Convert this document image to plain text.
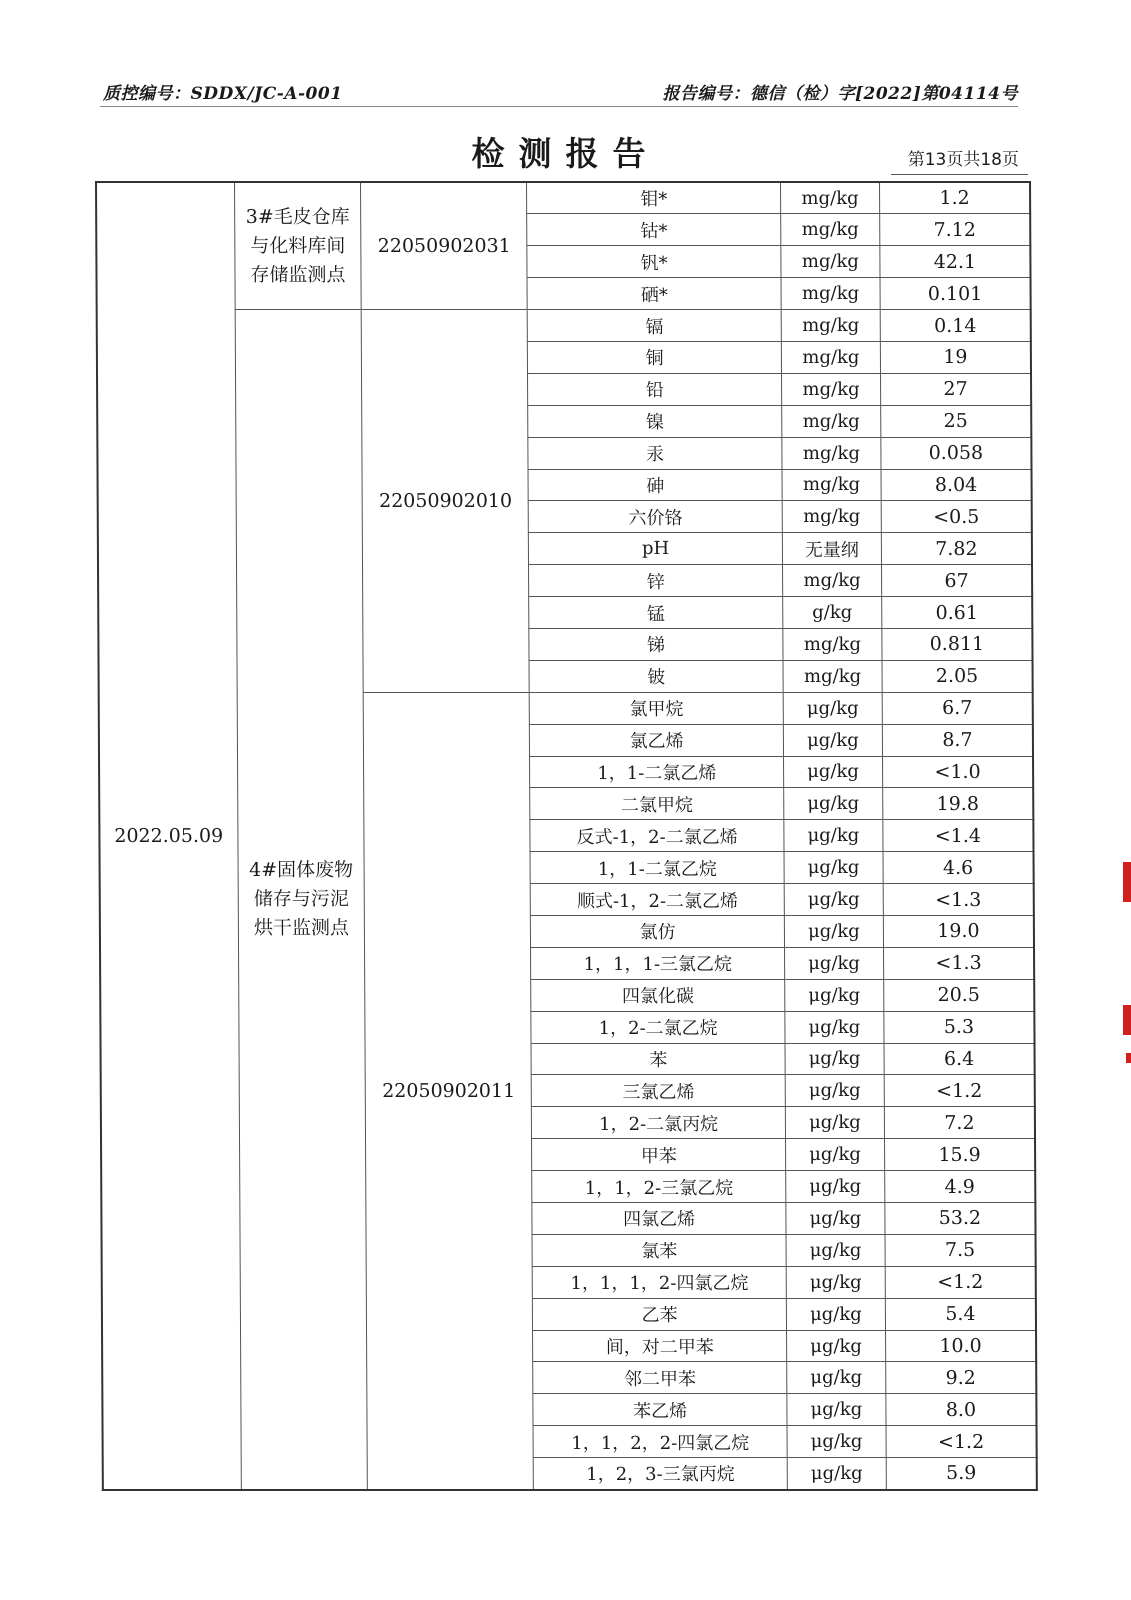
质控编号：SDDX/JC-A-001	报告编号：德信（检）字[2022]第04114号
检测报告	第13页共18页
2022.05.09	3#毛皮仓库与化料库间存储监测点	22050902031	钼*	mg/kg	1.2
			钴*	mg/kg	7.12
			钒*	mg/kg	42.1
			硒*	mg/kg	0.101
	4#固体废物储存与污泥烘干监测点	22050902010	镉	mg/kg	0.14
			铜	mg/kg	19
			铅	mg/kg	27
			镍	mg/kg	25
			汞	mg/kg	0.058
			砷	mg/kg	8.04
			六价铬	mg/kg	<0.5
			pH	无量纲	7.82
			锌	mg/kg	67
			锰	g/kg	0.61
			锑	mg/kg	0.811
			铍	mg/kg	2.05
		22050902011	氯甲烷	μg/kg	6.7
			氯乙烯	μg/kg	8.7
			1，1-二氯乙烯	μg/kg	<1.0
			二氯甲烷	μg/kg	19.8
			反式-1，2-二氯乙烯	μg/kg	<1.4
			1，1-二氯乙烷	μg/kg	4.6
			顺式-1，2-二氯乙烯	μg/kg	<1.3
			氯仿	μg/kg	19.0
			1，1，1-三氯乙烷	μg/kg	<1.3
			四氯化碳	μg/kg	20.5
			1，2-二氯乙烷	μg/kg	5.3
			苯	μg/kg	6.4
			三氯乙烯	μg/kg	<1.2
			1，2-二氯丙烷	μg/kg	7.2
			甲苯	μg/kg	15.9
			1，1，2-三氯乙烷	μg/kg	4.9
			四氯乙烯	μg/kg	53.2
			氯苯	μg/kg	7.5
			1，1，1，2-四氯乙烷	μg/kg	<1.2
			乙苯	μg/kg	5.4
			间，对二甲苯	μg/kg	10.0
			邻二甲苯	μg/kg	9.2
			苯乙烯	μg/kg	8.0
			1，1，2，2-四氯乙烷	μg/kg	<1.2
			1，2，3-三氯丙烷	μg/kg	5.9
